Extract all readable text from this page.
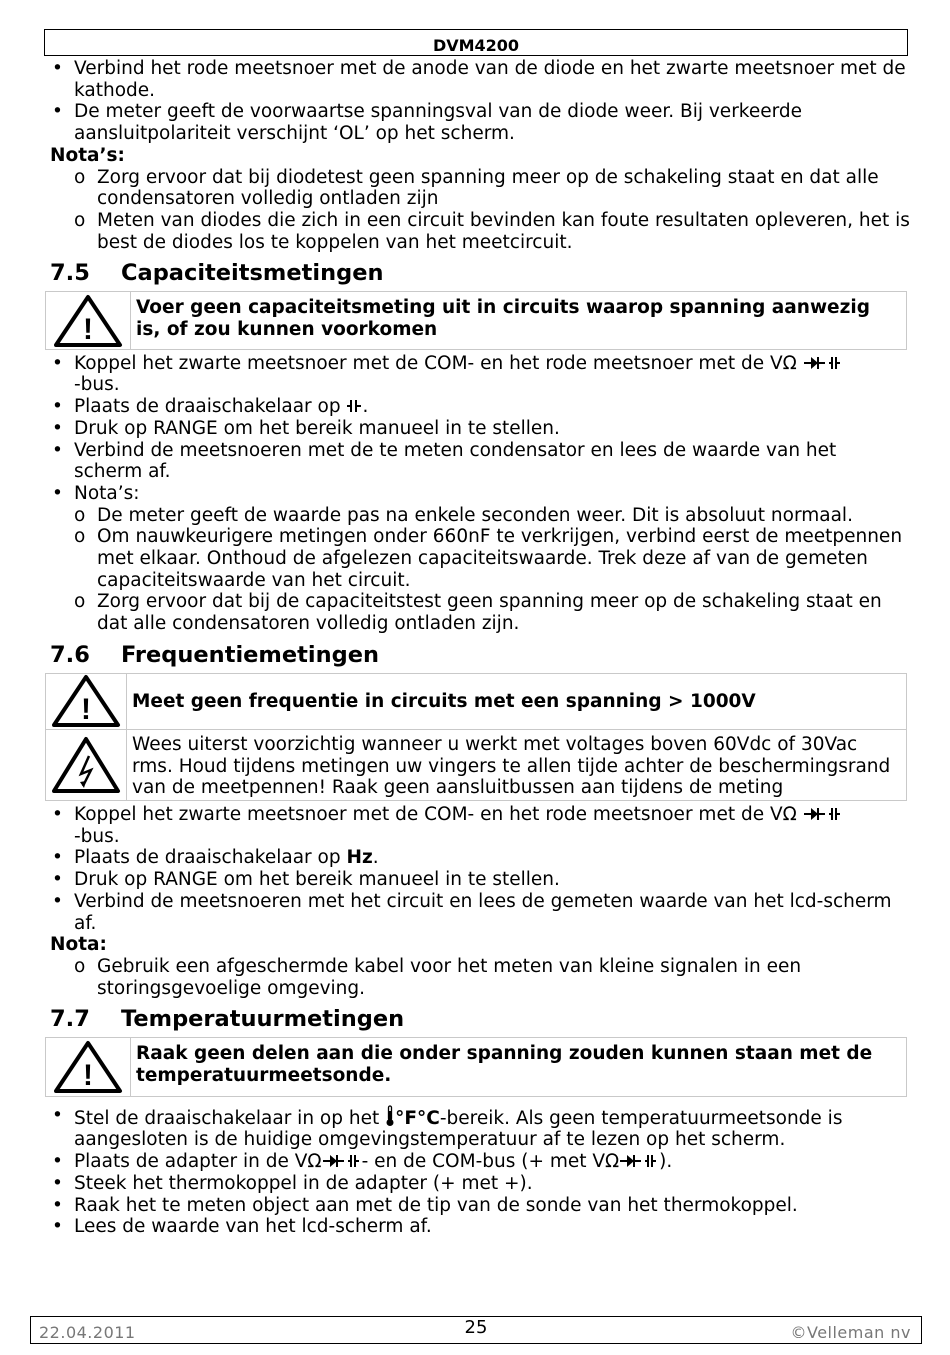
DVM4200
• Verbind het rode meetsnoer met de anode van de diode en het zwarte meetsnoer met de kathode.
• De meter geeft de voorwaartse spanningsval van de diode weer. Bij verkeerde aansluitpolariteit verschijnt ‘OL’ op het scherm.
Nota’s:
o Zorg ervoor dat bij diodetest geen spanning meer op de schakeling staat en dat alle condensatoren volledig ontladen zijn
o Meten van diodes die zich in een circuit bevinden kan foute resultaten opleveren, het is best de diodes los te koppelen van het meetcircuit.
7.5 Capaciteitsmetingen
!
Voer geen capaciteitsmeting uit in circuits waarop spanning aanwezig is, of zou kunnen voorkomen
• Koppel het zwarte meetsnoer met de COM- en het rode meetsnoer met de VΩ
-bus.
• Plaats de draaischakelaar op .
• Druk op RANGE om het bereik manueel in te stellen.
• Verbind de meetsnoeren met de te meten condensator en lees de waarde van het scherm af.
• Nota’s:
o De meter geeft de waarde pas na enkele seconden weer. Dit is absoluut normaal.
o Om nauwkeurigere metingen onder 660nF te verkrijgen, verbind eerst de meetpennen met elkaar. Onthoud de afgelezen capaciteitswaarde. Trek deze af van de gemeten capaciteitswaarde van het circuit.
o Zorg ervoor dat bij de capaciteitstest geen spanning meer op de schakeling staat en dat alle condensatoren volledig ontladen zijn.
7.6 Frequentiemetingen
! Meet geen frequentie in circuits met een spanning > 1000V
Wees uiterst voorzichtig wanneer u werkt met voltages boven 60Vdc of 30Vac rms. Houd tijdens metingen uw vingers te allen tijde achter de beschermingsrand van de meetpennen! Raak geen aansluitbussen aan tijdens de meting
• Koppel het zwarte meetsnoer met de COM- en het rode meetsnoer met de VΩ
-bus.
• Plaats de draaischakelaar op Hz.
• Druk op RANGE om het bereik manueel in te stellen.
• Verbind de meetsnoeren met het circuit en lees de gemeten waarde van het lcd-scherm af.
Nota:
o Gebruik een afgeschermde kabel voor het meten van kleine signalen in een storingsgevoelige omgeving.
7.7 Temperatuurmetingen
!
Raak geen delen aan die onder spanning zouden kunnen staan met de temperatuurmeetsonde.
• Stel de draaischakelaar in op het °F°C-bereik. Als geen temperatuurmeetsonde is aangesloten is de huidige omgevingstemperatuur af te lezen op het scherm.
• Plaats de adapter in de VΩ - en de COM-bus (+ met VΩ ).
• Steek het thermokoppel in de adapter (+ met +).
• Raak het te meten object aan met de tip van de sonde van het thermokoppel.
• Lees de waarde van het lcd-scherm af.
22.04.2011	25	©Velleman nv
